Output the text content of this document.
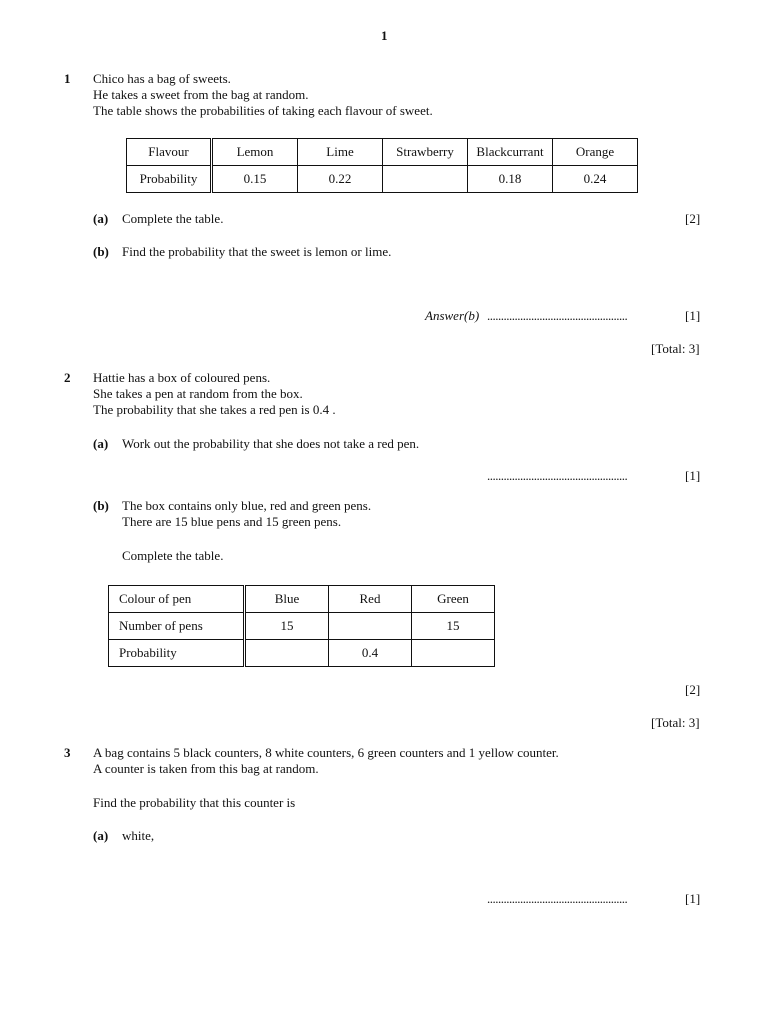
1
1 Chico has a bag of sweets.
He takes a sweet from the bag at random.
The table shows the probabilities of taking each flavour of sweet.
Flavour	Lemon	Lime	Strawberry	Blackcurrant	Orange
Probability	0.15	0.22		0.18	0.24
(a) Complete the table.	[2]
(b) Find the probability that the sweet is lemon or lime.
Answer(b) ...................................................	[1]
[Total: 3]
2 Hattie has a box of coloured pens.
She takes a pen at random from the box.
The probability that she takes a red pen is 0.4 .
(a) Work out the probability that she does not take a red pen.
...................................................	[1]
(b) The box contains only blue, red and green pens.
There are 15 blue pens and 15 green pens.
Complete the table.
Colour of pen	Blue	Red	Green
Number of pens	15		15
Probability		0.4	
[2]
[Total: 3]
3 A bag contains 5 black counters, 8 white counters, 6 green counters and 1 yellow counter.
A counter is taken from this bag at random.
Find the probability that this counter is
(a) white,
...................................................	[1]
